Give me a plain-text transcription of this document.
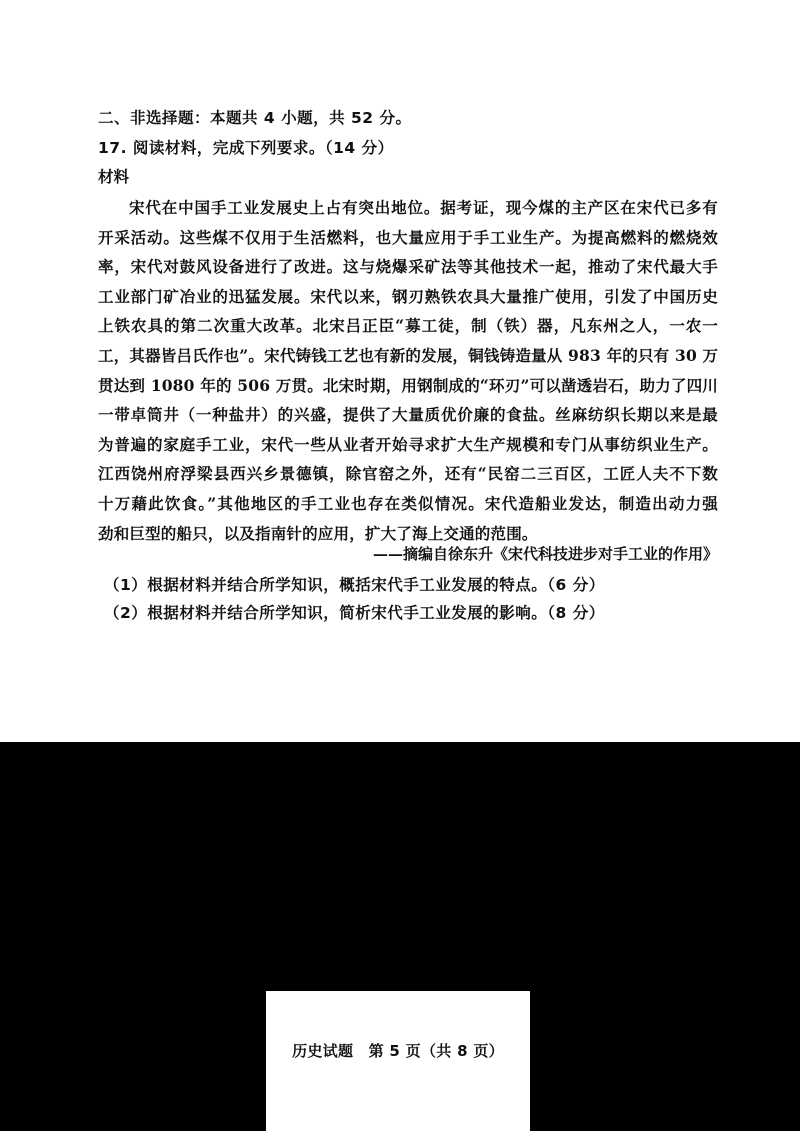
二、非选择题：本题共 4 小题，共 52 分。
17. 阅读材料，完成下列要求。（14 分）
材料
宋代在中国手工业发展史上占有突出地位。据考证，现今煤的主产区在宋代已多有
开采活动。这些煤不仅用于生活燃料，也大量应用于手工业生产。为提高燃料的燃烧效
率，宋代对鼓风设备进行了改进。这与烧爆采矿法等其他技术一起，推动了宋代最大手
工业部门矿冶业的迅猛发展。宋代以来，钢刃熟铁农具大量推广使用，引发了中国历史
上铁农具的第二次重大改革。北宋吕正臣“募工徒，制（铁）器，凡东州之人，一农一
工，其器皆吕氏作也”。宋代铸钱工艺也有新的发展，铜钱铸造量从 983 年的只有 30 万
贯达到 1080 年的 506 万贯。北宋时期，用钢制成的“环刃”可以凿透岩石，助力了四川
一带卓筒井（一种盐井）的兴盛，提供了大量质优价廉的食盐。丝麻纺织长期以来是最
为普遍的家庭手工业，宋代一些从业者开始寻求扩大生产规模和专门从事纺织业生产。
江西饶州府浮梁县西兴乡景德镇，除官窑之外，还有“民窑二三百区，工匠人夫不下数
十万藉此饮食。”其他地区的手工业也存在类似情况。宋代造船业发达，制造出动力强
劲和巨型的船只，以及指南针的应用，扩大了海上交通的范围。
——摘编自徐东升《宋代科技进步对手工业的作用》
（1）根据材料并结合所学知识，概括宋代手工业发展的特点。（6 分）
（2）根据材料并结合所学知识，简析宋代手工业发展的影响。（8 分）
历史试题　第 5 页（共 8 页）
